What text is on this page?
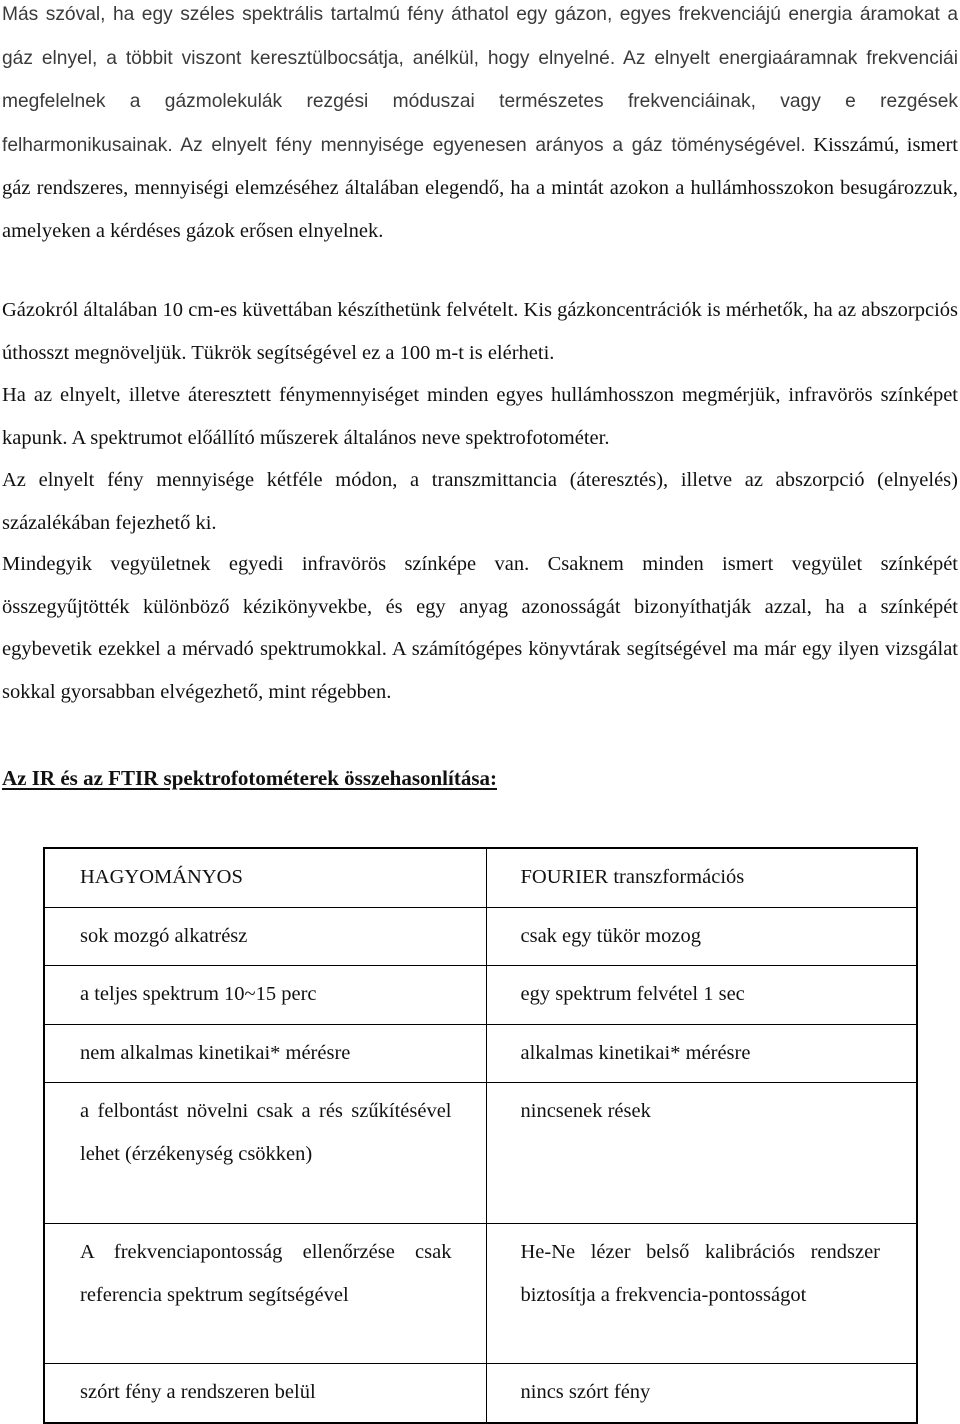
Más szóval, ha egy széles spektrális tartalmú fény áthatol egy gázon, egyes frekvenciájú energia áramokat a gáz elnyel, a többit viszont keresztülbocsátja, anélkül, hogy elnyelné. Az elnyelt energiaáramnak frekvenciái megfelelnek a gázmolekulák rezgési móduszai természetes frekvenciáinak, vagy e rezgések felharmonikusainak. Az elnyelt fény mennyisége egyenesen arányos a gáz töménységével. Kisszámú, ismert gáz rendszeres, mennyiségi elemzéséhez általában elegendő, ha a mintát azokon a hullámhosszokon besugározzuk, amelyeken a kérdéses gázok erősen elnyelnek.

Gázokról általában 10 cm-es küvettában készíthetünk felvételt. Kis gázkoncentrációk is mérhetők, ha az abszorpciós úthosszt megnöveljük. Tükrök segítségével ez a 100 m-t is elérheti.

Ha az elnyelt, illetve áteresztett fénymennyiséget minden egyes hullámhosszon megmérjük, infravörös színképet kapunk. A spektrumot előállító műszerek általános neve spektrofotométer.

Az elnyelt fény mennyisége kétféle módon, a transzmittancia (áteresztés), illetve az abszorpció (elnyelés) százalékában fejezhető ki.

Mindegyik vegyületnek egyedi infravörös színképe van. Csaknem minden ismert vegyület színképét összegyűjtötték különböző kézikönyvekbe, és egy anyag azonosságát bizonyíthatják azzal, ha a színképét egybevetik ezekkel a mérvadó spektrumokkal. A számítógépes könyvtárak segítségével ma már egy ilyen vizsgálat sokkal gyorsabban elvégezhető, mint régebben.

Az IR és az FTIR spektrofotométerek összehasonlítása:
HAGYOMÁNYOS	FOURIER transzformációs

sok mozgó alkatrész	csak egy tükör mozog

a teljes spektrum 10~15 perc	egy spektrum felvétel 1 sec

nem alkalmas kinetikai* mérésre	alkalmas kinetikai* mérésre

a felbontást növelni csak a rés szűkítésével lehet (érzékenység csökken)	nincsenek rések

A frekvenciapontosság ellenőrzése csak referencia spektrum segítségével	He-Ne lézer belső kalibrációs rendszer biztosítja a frekvencia-pontosságot

szórt fény a rendszeren belül	nincs szórt fény
